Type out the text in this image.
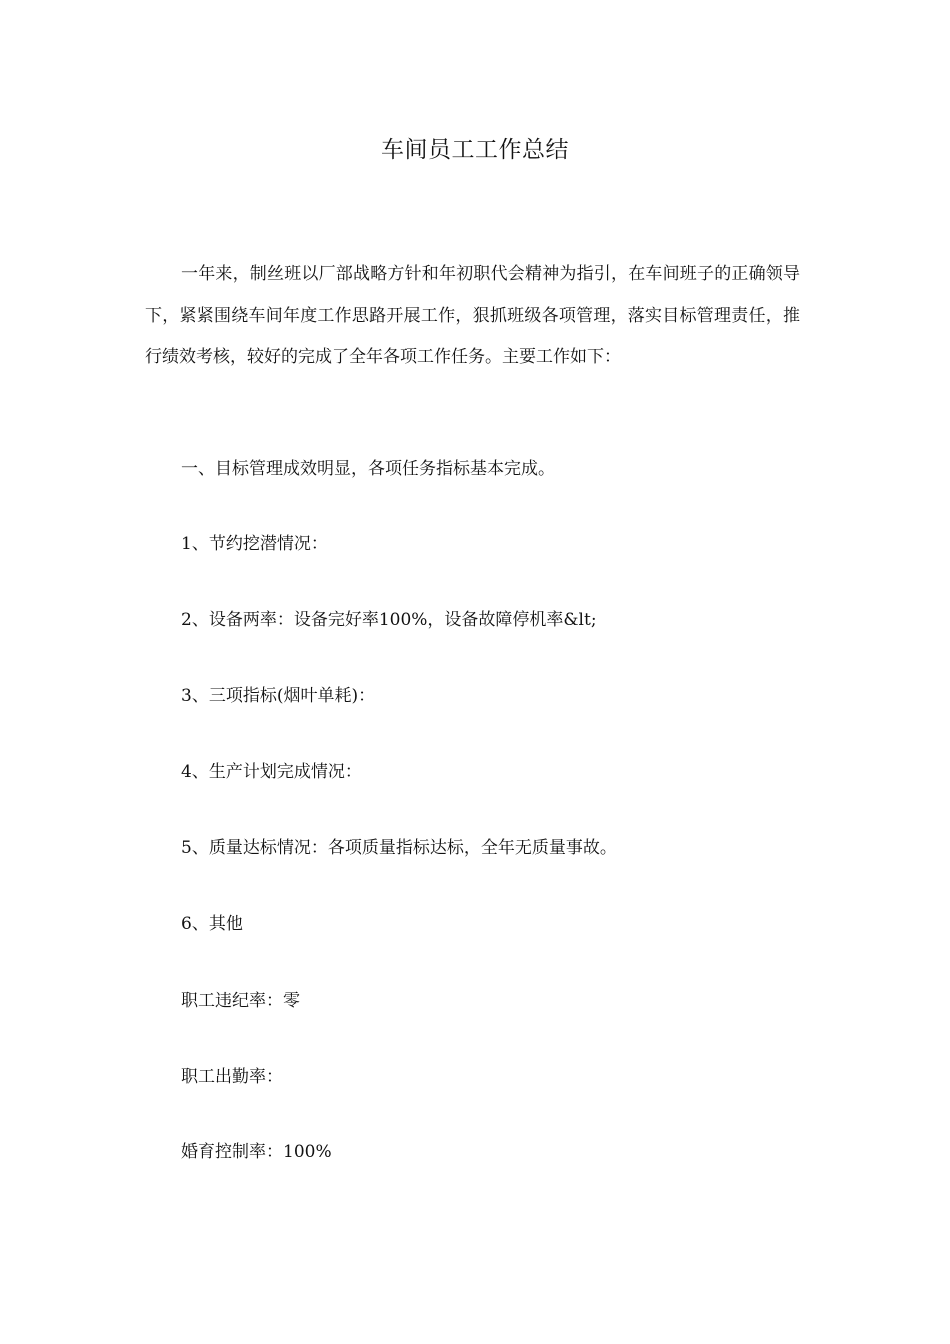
车间员工工作总结
一年来，制丝班以厂部战略方针和年初职代会精神为指引，在车间班子的正确领导下，紧紧围绕车间年度工作思路开展工作，狠抓班级各项管理，落实目标管理责任，推行绩效考核，较好的完成了全年各项工作任务。主要工作如下：
一、目标管理成效明显，各项任务指标基本完成。
1、节约挖潜情况：
2、设备两率：设备完好率100%，设备故障停机率&lt;
3、三项指标(烟叶单耗)：
4、生产计划完成情况：
5、质量达标情况：各项质量指标达标，全年无质量事故。
6、其他
职工违纪率：零
职工出勤率：
婚育控制率：100%
